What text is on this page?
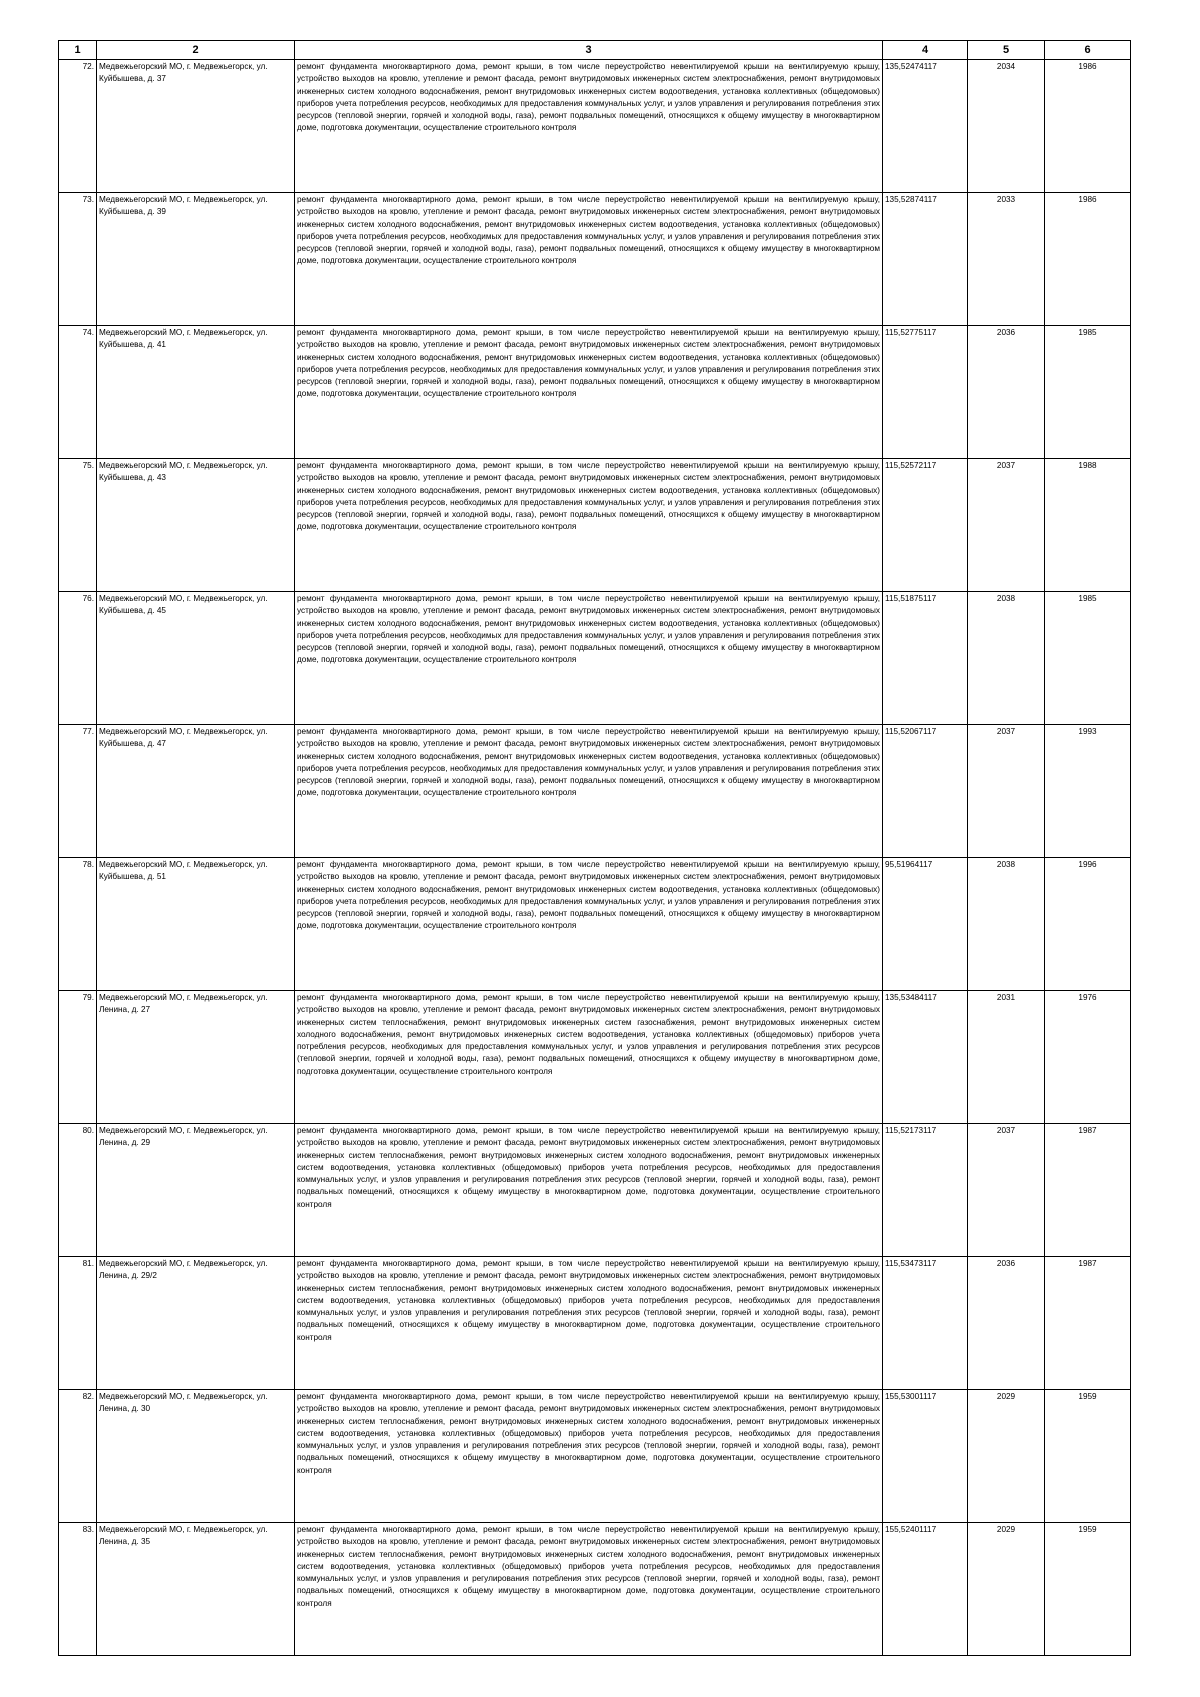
1	2	3	4	5	6
72.	Медвежьегорский МО, г. Медвежьегорск, ул. Куйбышева, д. 37	ремонт фундамента многоквартирного дома, ремонт крыши, в том числе переустройство невентилируемой крыши на вентилируемую крышу, устройство выходов на кровлю, утепление и ремонт фасада, ремонт внутридомовых инженерных систем электроснабжения, ремонт внутридомовых инженерных систем холодного водоснабжения, ремонт внутридомовых инженерных систем водоотведения, установка коллективных (общедомовых) приборов учета потребления ресурсов, необходимых для предоставления коммунальных услуг, и узлов управления и регулирования потребления этих ресурсов (тепловой энергии, горячей и холодной воды, газа), ремонт подвальных помещений, относящихся к общему имуществу в многоквартирном доме, подготовка документации, осуществление строительного контроля	135,52474117	2034	1986
73.	Медвежьегорский МО, г. Медвежьегорск, ул. Куйбышева, д. 39	ремонт фундамента многоквартирного дома, ремонт крыши, в том числе переустройство невентилируемой крыши на вентилируемую крышу, устройство выходов на кровлю, утепление и ремонт фасада, ремонт внутридомовых инженерных систем электроснабжения, ремонт внутридомовых инженерных систем холодного водоснабжения, ремонт внутридомовых инженерных систем водоотведения, установка коллективных (общедомовых) приборов учета потребления ресурсов, необходимых для предоставления коммунальных услуг, и узлов управления и регулирования потребления этих ресурсов (тепловой энергии, горячей и холодной воды, газа), ремонт подвальных помещений, относящихся к общему имуществу в многоквартирном доме, подготовка документации, осуществление строительного контроля	135,52874117	2033	1986
74.	Медвежьегорский МО, г. Медвежьегорск, ул. Куйбышева, д. 41	ремонт фундамента многоквартирного дома, ремонт крыши, в том числе переустройство невентилируемой крыши на вентилируемую крышу, устройство выходов на кровлю, утепление и ремонт фасада, ремонт внутридомовых инженерных систем электроснабжения, ремонт внутридомовых инженерных систем холодного водоснабжения, ремонт внутридомовых инженерных систем водоотведения, установка коллективных (общедомовых) приборов учета потребления ресурсов, необходимых для предоставления коммунальных услуг, и узлов управления и регулирования потребления этих ресурсов (тепловой энергии, горячей и холодной воды, газа), ремонт подвальных помещений, относящихся к общему имуществу в многоквартирном доме, подготовка документации, осуществление строительного контроля	115,52775117	2036	1985
75.	Медвежьегорский МО, г. Медвежьегорск, ул. Куйбышева, д. 43	ремонт фундамента многоквартирного дома, ремонт крыши, в том числе переустройство невентилируемой крыши на вентилируемую крышу, устройство выходов на кровлю, утепление и ремонт фасада, ремонт внутридомовых инженерных систем электроснабжения, ремонт внутридомовых инженерных систем холодного водоснабжения, ремонт внутридомовых инженерных систем водоотведения, установка коллективных (общедомовых) приборов учета потребления ресурсов, необходимых для предоставления коммунальных услуг, и узлов управления и регулирования потребления этих ресурсов (тепловой энергии, горячей и холодной воды, газа), ремонт подвальных помещений, относящихся к общему имуществу в многоквартирном доме, подготовка документации, осуществление строительного контроля	115,52572117	2037	1988
76.	Медвежьегорский МО, г. Медвежьегорск, ул. Куйбышева, д. 45	ремонт фундамента многоквартирного дома, ремонт крыши, в том числе переустройство невентилируемой крыши на вентилируемую крышу, устройство выходов на кровлю, утепление и ремонт фасада, ремонт внутридомовых инженерных систем электроснабжения, ремонт внутридомовых инженерных систем холодного водоснабжения, ремонт внутридомовых инженерных систем водоотведения, установка коллективных (общедомовых) приборов учета потребления ресурсов, необходимых для предоставления коммунальных услуг, и узлов управления и регулирования потребления этих ресурсов (тепловой энергии, горячей и холодной воды, газа), ремонт подвальных помещений, относящихся к общему имуществу в многоквартирном доме, подготовка документации, осуществление строительного контроля	115,51875117	2038	1985
77.	Медвежьегорский МО, г. Медвежьегорск, ул. Куйбышева, д. 47	ремонт фундамента многоквартирного дома, ремонт крыши, в том числе переустройство невентилируемой крыши на вентилируемую крышу, устройство выходов на кровлю, утепление и ремонт фасада, ремонт внутридомовых инженерных систем электроснабжения, ремонт внутридомовых инженерных систем холодного водоснабжения, ремонт внутридомовых инженерных систем водоотведения, установка коллективных (общедомовых) приборов учета потребления ресурсов, необходимых для предоставления коммунальных услуг, и узлов управления и регулирования потребления этих ресурсов (тепловой энергии, горячей и холодной воды, газа), ремонт подвальных помещений, относящихся к общему имуществу в многоквартирном доме, подготовка документации, осуществление строительного контроля	115,52067117	2037	1993
78.	Медвежьегорский МО, г. Медвежьегорск, ул. Куйбышева, д. 51	ремонт фундамента многоквартирного дома, ремонт крыши, в том числе переустройство невентилируемой крыши на вентилируемую крышу, устройство выходов на кровлю, утепление и ремонт фасада, ремонт внутридомовых инженерных систем электроснабжения, ремонт внутридомовых инженерных систем холодного водоснабжения, ремонт внутридомовых инженерных систем водоотведения, установка коллективных (общедомовых) приборов учета потребления ресурсов, необходимых для предоставления коммунальных услуг, и узлов управления и регулирования потребления этих ресурсов (тепловой энергии, горячей и холодной воды, газа), ремонт подвальных помещений, относящихся к общему имуществу в многоквартирном доме, подготовка документации, осуществление строительного контроля	95,51964117	2038	1996
79.	Медвежьегорский МО, г. Медвежьегорск, ул. Ленина, д. 27	ремонт фундамента многоквартирного дома, ремонт крыши, в том числе переустройство невентилируемой крыши на вентилируемую крышу, устройство выходов на кровлю, утепление и ремонт фасада, ремонт внутридомовых инженерных систем электроснабжения, ремонт внутридомовых инженерных систем теплоснабжения, ремонт внутридомовых инженерных систем газоснабжения, ремонт внутридомовых инженерных систем холодного водоснабжения, ремонт внутридомовых инженерных систем водоотведения, установка коллективных (общедомовых) приборов учета потребления ресурсов, необходимых для предоставления коммунальных услуг, и узлов управления и регулирования потребления этих ресурсов (тепловой энергии, горячей и холодной воды, газа), ремонт подвальных помещений, относящихся к общему имуществу в многоквартирном доме, подготовка документации, осуществление строительного контроля	135,53484117	2031	1976
80.	Медвежьегорский МО, г. Медвежьегорск, ул. Ленина, д. 29	ремонт фундамента многоквартирного дома, ремонт крыши, в том числе переустройство невентилируемой крыши на вентилируемую крышу, устройство выходов на кровлю, утепление и ремонт фасада, ремонт внутридомовых инженерных систем электроснабжения, ремонт внутридомовых инженерных систем теплоснабжения, ремонт внутридомовых инженерных систем холодного водоснабжения, ремонт внутридомовых инженерных систем водоотведения, установка коллективных (общедомовых) приборов учета потребления ресурсов, необходимых для предоставления коммунальных услуг, и узлов управления и регулирования потребления этих ресурсов (тепловой энергии, горячей и холодной воды, газа), ремонт подвальных помещений, относящихся к общему имуществу в многоквартирном доме, подготовка документации, осуществление строительного контроля	115,52173117	2037	1987
81.	Медвежьегорский МО, г. Медвежьегорск, ул. Ленина, д. 29/2	ремонт фундамента многоквартирного дома, ремонт крыши, в том числе переустройство невентилируемой крыши на вентилируемую крышу, устройство выходов на кровлю, утепление и ремонт фасада, ремонт внутридомовых инженерных систем электроснабжения, ремонт внутридомовых инженерных систем теплоснабжения, ремонт внутридомовых инженерных систем холодного водоснабжения, ремонт внутридомовых инженерных систем водоотведения, установка коллективных (общедомовых) приборов учета потребления ресурсов, необходимых для предоставления коммунальных услуг, и узлов управления и регулирования потребления этих ресурсов (тепловой энергии, горячей и холодной воды, газа), ремонт подвальных помещений, относящихся к общему имуществу в многоквартирном доме, подготовка документации, осуществление строительного контроля	115,53473117	2036	1987
82.	Медвежьегорский МО, г. Медвежьегорск, ул. Ленина, д. 30	ремонт фундамента многоквартирного дома, ремонт крыши, в том числе переустройство невентилируемой крыши на вентилируемую крышу, устройство выходов на кровлю, утепление и ремонт фасада, ремонт внутридомовых инженерных систем электроснабжения, ремонт внутридомовых инженерных систем теплоснабжения, ремонт внутридомовых инженерных систем холодного водоснабжения, ремонт внутридомовых инженерных систем водоотведения, установка коллективных (общедомовых) приборов учета потребления ресурсов, необходимых для предоставления коммунальных услуг, и узлов управления и регулирования потребления этих ресурсов (тепловой энергии, горячей и холодной воды, газа), ремонт подвальных помещений, относящихся к общему имуществу в многоквартирном доме, подготовка документации, осуществление строительного контроля	155,53001117	2029	1959
83.	Медвежьегорский МО, г. Медвежьегорск, ул. Ленина, д. 35	ремонт фундамента многоквартирного дома, ремонт крыши, в том числе переустройство невентилируемой крыши на вентилируемую крышу, устройство выходов на кровлю, утепление и ремонт фасада, ремонт внутридомовых инженерных систем электроснабжения, ремонт внутридомовых инженерных систем теплоснабжения, ремонт внутридомовых инженерных систем холодного водоснабжения, ремонт внутридомовых инженерных систем водоотведения, установка коллективных (общедомовых) приборов учета потребления ресурсов, необходимых для предоставления коммунальных услуг, и узлов управления и регулирования потребления этих ресурсов (тепловой энергии, горячей и холодной воды, газа), ремонт подвальных помещений, относящихся к общему имуществу в многоквартирном доме, подготовка документации, осуществление строительного контроля	155,52401117	2029	1959
